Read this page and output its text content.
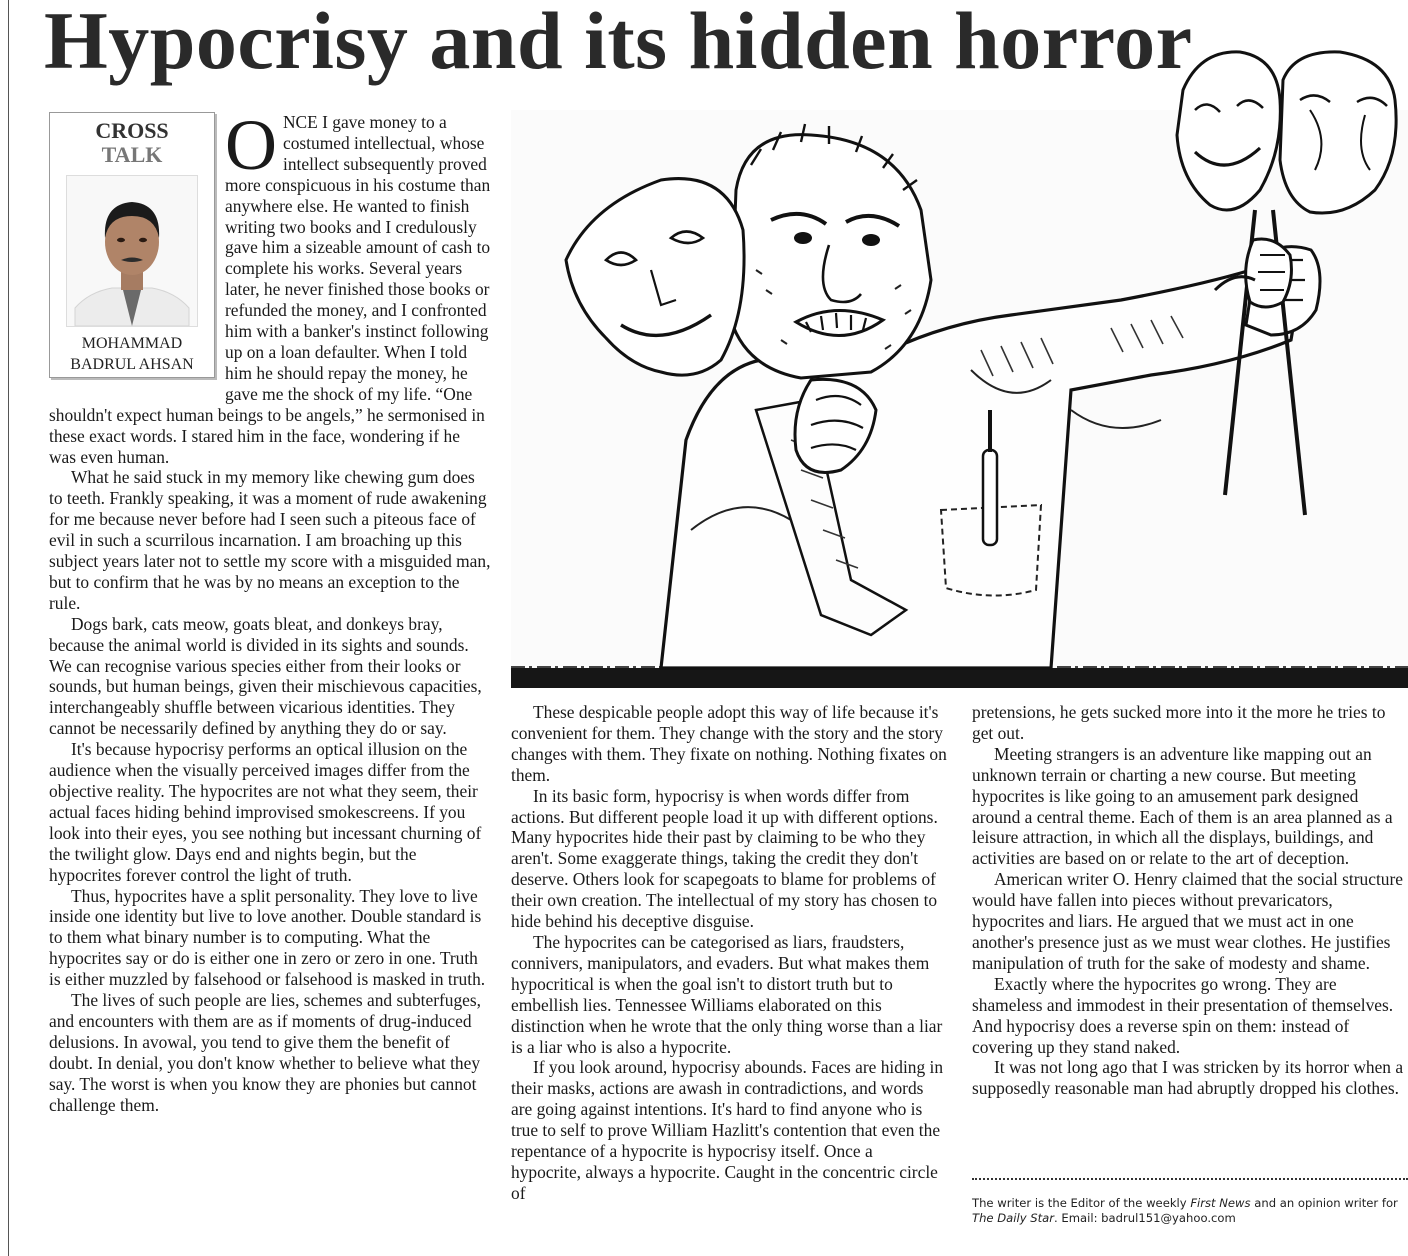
Hypocrisy and its hidden horror
CROSS
TALK
MOHAMMAD
BADRUL AHSAN

ONCE I gave money to a costumed intellectual, whose intellect subsequently proved more conspicuous in his costume than anywhere else. He wanted to finish writing two books and I credulously gave him a sizeable amount of cash to complete his works. Several years later, he never finished those books or refunded the money, and I confronted him with a banker's instinct following up on a loan defaulter. When I told him he should repay the money, he gave me the shock of my life. “One shouldn't expect human beings to be angels,” he sermonised in these exact words. I stared him in the face, wondering if he was even human.

What he said stuck in my memory like chewing gum does to teeth. Frankly speaking, it was a moment of rude awakening for me because never before had I seen such a piteous face of evil in such a scurrilous incarnation. I am broaching up this subject years later not to settle my score with a misguided man, but to confirm that he was by no means an exception to the rule.

Dogs bark, cats meow, goats bleat, and donkeys bray, because the animal world is divided in its sights and sounds. We can recognise various species either from their looks or sounds, but human beings, given their mischievous capacities, interchangeably shuffle between vicarious identities. They cannot be necessarily defined by anything they do or say.

It's because hypocrisy performs an optical illusion on the audience when the visually perceived images differ from the objective reality. The hypocrites are not what they seem, their actual faces hiding behind improvised smokescreens. If you look into their eyes, you see nothing but incessant churning of the twilight glow. Days end and nights begin, but the hypocrites forever control the light of truth.

Thus, hypocrites have a split personality. They love to live inside one identity but live to love another. Double standard is to them what binary number is to computing. What the hypocrites say or do is either one in zero or zero in one. Truth is either muzzled by falsehood or falsehood is masked in truth.

The lives of such people are lies, schemes and subterfuges, and encounters with them are as if moments of drug-induced delusions. In avowal, you tend to give them the benefit of doubt. In denial, you don't know whether to believe what they say. The worst is when you know they are phonies but cannot challenge them.

These despicable people adopt this way of life because it's convenient for them. They change with the story and the story changes with them. They fixate on nothing. Nothing fixates on them.

In its basic form, hypocrisy is when words differ from actions. But different people load it up with different options. Many hypocrites hide their past by claiming to be who they aren't. Some exaggerate things, taking the credit they don't deserve. Others look for scapegoats to blame for problems of their own creation. The intellectual of my story has chosen to hide behind his deceptive disguise.

The hypocrites can be categorised as liars, fraudsters, connivers, manipulators, and evaders. But what makes them hypocritical is when the goal isn't to distort truth but to embellish lies. Tennessee Williams elaborated on this distinction when he wrote that the only thing worse than a liar is a liar who is also a hypocrite.

If you look around, hypocrisy abounds. Faces are hiding in their masks, actions are awash in contradictions, and words are going against intentions. It's hard to find anyone who is true to self to prove William Hazlitt's contention that even the repentance of a hypocrite is hypocrisy itself. Once a hypocrite, always a hypocrite. Caught in the concentric circle of

pretensions, he gets sucked more into it the more he tries to get out.

Meeting strangers is an adventure like mapping out an unknown terrain or charting a new course. But meeting hypocrites is like going to an amusement park designed around a central theme. Each of them is an area planned as a leisure attraction, in which all the displays, buildings, and activities are based on or relate to the art of deception.

American writer O. Henry claimed that the social structure would have fallen into pieces without prevaricators, hypocrites and liars. He argued that we must act in one another's presence just as we must wear clothes. He justifies manipulation of truth for the sake of modesty and shame.

Exactly where the hypocrites go wrong. They are shameless and immodest in their presentation of themselves. And hypocrisy does a reverse spin on them: instead of covering up they stand naked.

It was not long ago that I was stricken by its horror when a supposedly reasonable man had abruptly dropped his clothes.

The writer is the Editor of the weekly First News and an opinion writer for The Daily Star. Email: badrul151@yahoo.com
